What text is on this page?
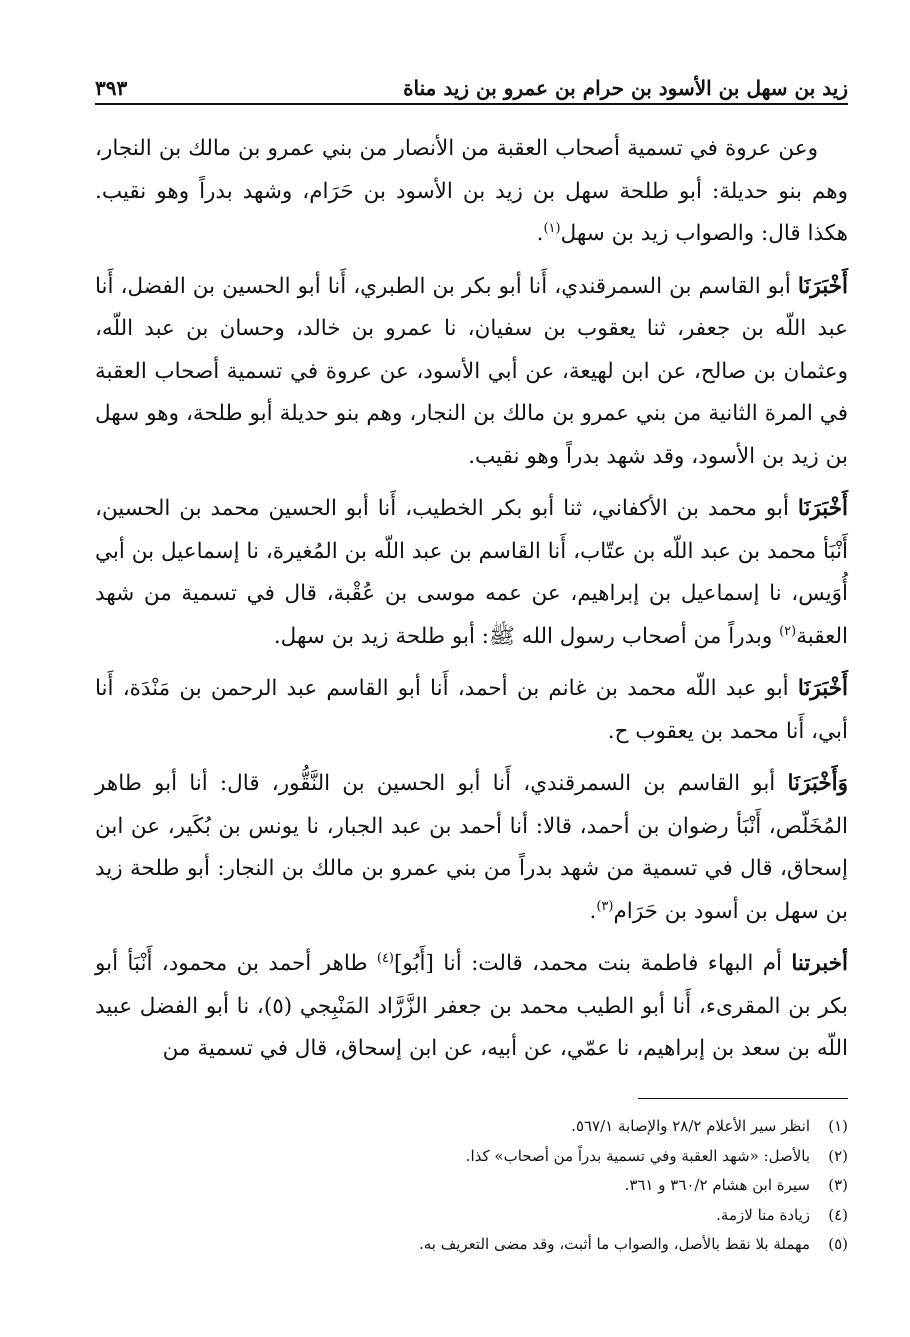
زيد بن سهل بن الأسود بن حرام بن عمرو بن زيد مناة
٣٩٣

وعن عروة في تسمية أصحاب العقبة من الأنصار من بني عمرو بن مالك بن النجار، وهم بنو حديلة: أبو طلحة سهل بن زيد بن الأسود بن حَرَام، وشهد بدراً وهو نقيب. هكذا قال: والصواب زيد بن سهل$^{(١)}$.

أَخْبَرَنَا أبو القاسم بن السمرقندي، أَنا أبو بكر بن الطبري، أَنا أبو الحسين بن الفضل، أَنا عبد اللّه بن جعفر، ثنا يعقوب بن سفيان، نا عمرو بن خالد، وحسان بن عبد اللّه، وعثمان بن صالح، عن ابن لهيعة، عن أبي الأسود، عن عروة في تسمية أصحاب العقبة في المرة الثانية من بني عمرو بن مالك بن النجار، وهم بنو حديلة أبو طلحة، وهو سهل بن زيد بن الأسود، وقد شهد بدراً وهو نقيب.

أَخْبَرَنَا أبو محمد بن الأكفاني، ثنا أبو بكر الخطيب، أَنا أبو الحسين محمد بن الحسين، أَنْبَأ محمد بن عبد اللّه بن عتّاب، أَنا القاسم بن عبد اللّه بن المُغيرة، نا إسماعيل بن أبي أُوَيس، نا إسماعيل بن إبراهيم، عن عمه موسى بن عُقْبة، قال في تسمية من شهد العقبة$^{(٢)}$ وبدراً من أصحاب رسول الله ﷺ: أبو طلحة زيد بن سهل.

أَخْبَرَنَا أبو عبد اللّه محمد بن غانم بن أحمد، أَنا أبو القاسم عبد الرحمن بن مَنْدَة، أَنا أبي، أَنا محمد بن يعقوب ح.

وَأَخْبَرَنَا أبو القاسم بن السمرقندي، أَنا أبو الحسين بن النَّقُّور، قال: أنا أبو طاهر المُخَلّص، أَنْبَأ رضوان بن أحمد، قالا: أنا أحمد بن عبد الجبار، نا يونس بن بُكَير، عن ابن إسحاق، قال في تسمية من شهد بدراً من بني عمرو بن مالك بن النجار: أبو طلحة زيد بن سهل بن أسود بن حَرَام$^{(٣)}$.

أخبرتنا أم البهاء فاطمة بنت محمد، قالت: أنا [أَبُو]$^{(٤)}$ طاهر أحمد بن محمود، أَنْبَأ أبو بكر بن المقرىء، أَنا أبو الطيب محمد بن جعفر الزَّرَّاد المَنْبِجي (٥)، نا أبو الفضل عبيد اللّه بن سعد بن إبراهيم، نا عمّي، عن أبيه، عن ابن إسحاق، قال في تسمية من

(١)
انظر سير الأعلام ٢٨/٢ والإصابة ٥٦٧/١.
(٢)
بالأصل: «شهد العقبة وفي تسمية بدراً من أصحاب» كذا.
(٣)
سيرة ابن هشام ٣٦٠/٢ و ٣٦١.
(٤)
زيادة منا لازمة.
(٥)
مهملة بلا نقط بالأصل، والصواب ما أثبت، وقد مضى التعريف به.
